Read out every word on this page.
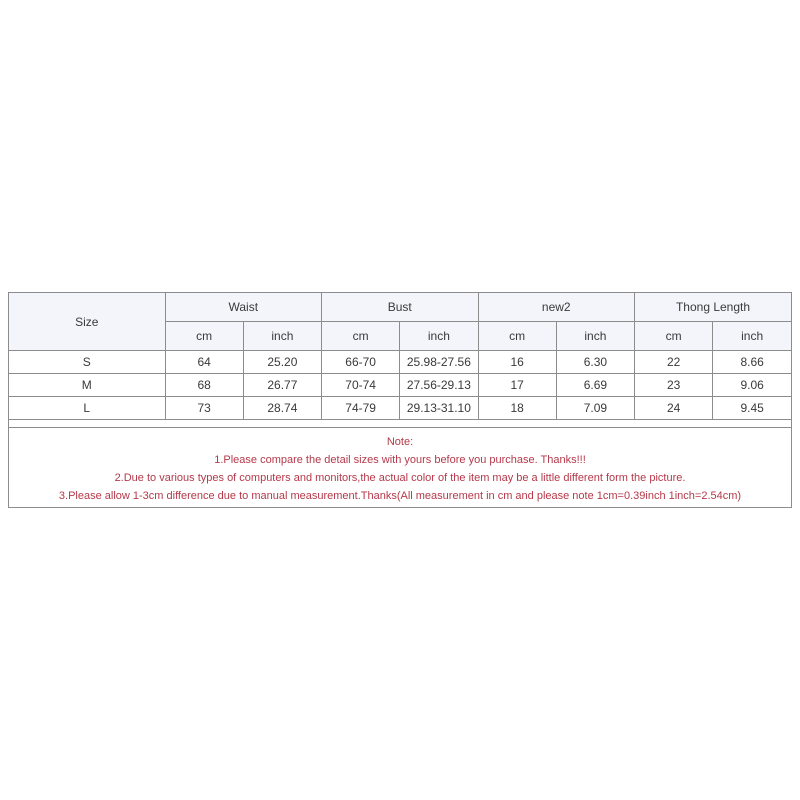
Size	Waist		Bust		new2		Thong Length	
	cm	inch	cm	inch	cm	inch	cm	inch
S	64	25.20	66-70	25.98-27.56	16	6.30	22	8.66
M	68	26.77	70-74	27.56-29.13	17	6.69	23	9.06
L	73	28.74	74-79	29.13-31.10	18	7.09	24	9.45
Note:
1.Please compare the detail sizes with yours before you purchase. Thanks!!!
2.Due to various types of computers and monitors,the actual color of the item may be a little different form the picture.
3.Please allow 1-3cm difference due to manual measurement.Thanks(All measurement in cm and please note 1cm=0.39inch 1inch=2.54cm)
